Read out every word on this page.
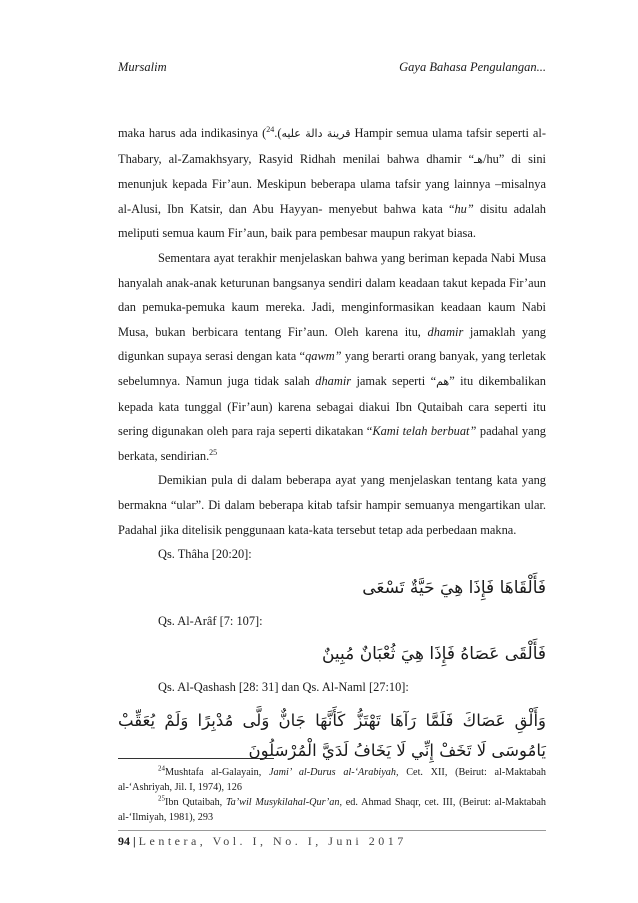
Mursalim	Gaya Bahasa Pengulangan...

maka harus ada indikasinya ( قرينة دالة عليه).$^{24}$	Hampir semua ulama tafsir seperti al-Thabary, al-Zamakhsyary, Rasyid Ridhah menilai bahwa dhamir “هـ/hu” di sini menunjuk kepada Fir’aun. Meskipun beberapa ulama tafsir yang lainnya –misalnya al-Alusi, Ibn Katsir, dan Abu Hayyan- menyebut bahwa kata “hu” disitu adalah meliputi semua kaum Fir’aun, baik para pembesar maupun rakyat biasa.

Sementara ayat terakhir menjelaskan bahwa yang beriman kepada Nabi Musa hanyalah anak-anak keturunan bangsanya sendiri dalam keadaan takut kepada Fir’aun dan pemuka-pemuka kaum mereka. Jadi, menginformasikan keadaan kaum Nabi Musa, bukan berbicara tentang Fir’aun. Oleh karena itu, dhamir jamaklah yang digunkan supaya serasi dengan kata “qawm” yang berarti orang banyak, yang terletak sebelumnya. Namun juga tidak salah dhamir jamak seperti “هم” itu dikembalikan kepada kata tunggal (Fir’aun) karena sebagai diakui Ibn Qutaibah cara seperti itu sering digunakan oleh para raja seperti dikatakan “Kami telah berbuat” padahal yang berkata, sendirian.$^{25}$

Demikian pula di dalam beberapa ayat yang menjelaskan tentang kata yang bermakna “ular”. Di dalam beberapa kitab tafsir hampir semuanya mengartikan ular. Padahal jika ditelisik penggunaan kata-kata tersebut tetap ada perbedaan makna.

Qs. Thâha [20:20]:

فَأَلْقَاهَا فَإِذَا هِيَ حَيَّةٌ تَسْعَى

Qs. Al-Arâf [7: 107]:

فَأَلْقَى عَصَاهُ فَإِذَا هِيَ ثُعْبَانٌ مُبِينٌ

Qs. Al-Qashash [28: 31] dan Qs. Al-Naml [27:10]:

وَأَلْقِ عَصَاكَ فَلَمَّا رَآهَا تَهْتَزُّ كَأَنَّهَا جَانٌّ وَلَّى مُدْبِرًا وَلَمْ يُعَقِّبْ يَامُوسَى لَا تَخَفْ إِنِّي لَا يَخَافُ لَدَيَّ الْمُرْسَلُونَ

$^{24}$Mushtafa al-Galayain, Jami’ al-Durus al-‘Arabiyah, Cet. XII, (Beirut: al-Maktabah al-‘Ashriyah, Jil. I, 1974), 126

$^{25}$Ibn Qutaibah, Ta’wil Musykilahal-Qur’an, ed. Ahmad Shaqr, cet. III, (Beirut: al-Maktabah al-‘Ilmiyah, 1981), 293

94 | Lentera, Vol. I, No. I, Juni 2017
